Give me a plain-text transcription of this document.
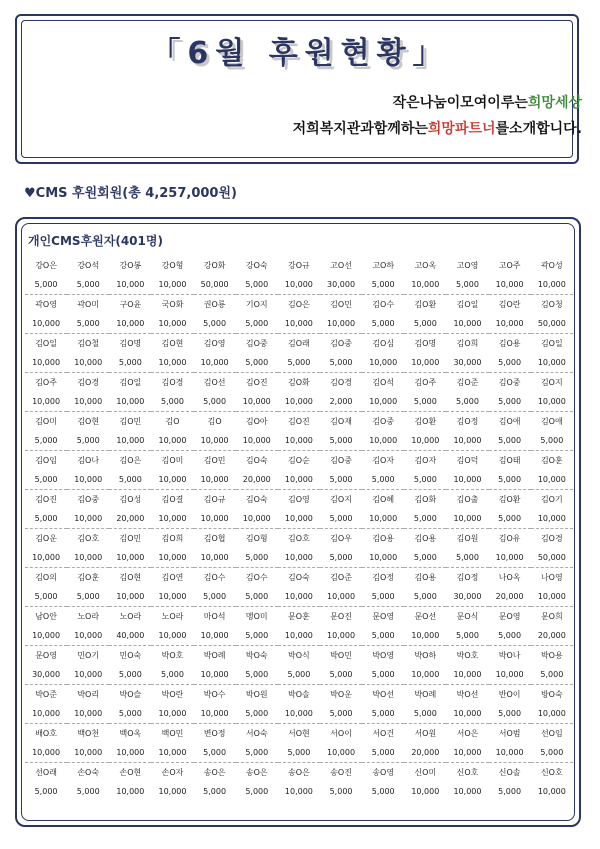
「6월 후원현황」
작은나눔이모여이루는희망세상
저희복지관과함께하는희망파트너를소개합니다.
♥CMS 후원회원(총 4,257,000원)
개인CMS후원자(401명)
강O은	강O석	강O봉	강O형	강O화	강O숙	강O규	고O선	고O하	고O옥	고O영	고O주	곽O성
5,000	5,000	10,000	10,000	50,000	5,000	10,000	30,000	5,000	10,000	5,000	10,000	10,000
곽O영	곽O미	구O윤	국O화	권O룡	기O지	김O은	김O민	김O수	김O환	김O일	김O란	김O청
10,000	5,000	10,000	10,000	5,000	5,000	10,000	10,000	5,000	5,000	10,000	10,000	50,000
김O일	김O철	김O명	김O현	김O영	김O중	김O래	김O중	김O심	김O명	김O희	김O용	김O일
10,000	10,000	5,000	10,000	10,000	5,000	5,000	5,000	10,000	10,000	30,000	5,000	10,000
김O주	김O경	김O일	김O경	김O선	김O진	김O화	김O경	김O석	김O주	김O준	김O중	김O지
10,000	10,000	10,000	5,000	5,000	10,000	10,000	2,000	10,000	5,000	5,000	5,000	10,000
김O미	김O현	김O민	김O	김O	김O아	김O진	김O재	김O중	김O환	김O정	김O애	김O애
5,000	5,000	10,000	10,000	10,000	10,000	10,000	5,000	10,000	10,000	10,000	5,000	5,000
김O임	김O나	김O은	김O미	김O민	김O숙	김O순	김O중	김O자	김O자	김O덕	김O태	김O훈
5,000	10,000	5,000	10,000	10,000	20,000	10,000	5,000	5,000	5,000	10,000	5,000	10,000
김O진	김O중	김O성	김O결	김O규	김O숙	김O영	김O지	김O혜	김O화	김O출	김O환	김O기
5,000	10,000	20,000	10,000	10,000	10,000	10,000	5,000	10,000	5,000	10,000	5,000	10,000
김O운	김O호	김O민	김O희	김O협	김O형	김O호	김O우	김O용	김O용	김O원	김O유	김O경
10,000	10,000	10,000	10,000	10,000	5,000	10,000	5,000	10,000	5,000	5,000	10,000	50,000
김O의	김O훈	김O현	김O연	김O수	김O수	김O숙	김O준	김O정	김O용	김O정	나O옥	나O영
5,000	5,000	10,000	10,000	5,000	5,000	10,000	10,000	5,000	5,000	30,000	20,000	10,000
남O안	노O라	노O라	노O라	마O석	맹O미	문O훈	문O진	문O영	문O선	문O식	문O영	문O희
10,000	10,000	40,000	10,000	10,000	5,000	10,000	10,000	5,000	10,000	5,000	5,000	20,000
문O영	민O기	민O숙	박O호	박O례	박O숙	박O식	박O민	박O영	박O하	박O호	박O나	박O용
30,000	10,000	5,000	5,000	10,000	5,000	5,000	5,000	5,000	10,000	10,000	10,000	5,000
박O준	박O리	박O슬	박O란	박O수	박O원	박O솔	박O운	박O선	박O례	박O선	반O이	방O숙
10,000	10,000	5,000	10,000	10,000	5,000	10,000	5,000	5,000	5,000	10,000	5,000	10,000
배O호	백O천	백O옥	백O민	변O정	서O숙	서O현	서O이	서O건	서O원	서O은	서O범	선O임
10,000	10,000	10,000	10,000	5,000	5,000	5,000	10,000	5,000	20,000	10,000	10,000	5,000
선O래	손O숙	손O현	손O자	송O은	송O은	송O은	송O진	송O영	신O미	신O호	신O솔	신O호
5,000	5,000	10,000	10,000	5,000	5,000	10,000	5,000	5,000	10,000	10,000	5,000	10,000
